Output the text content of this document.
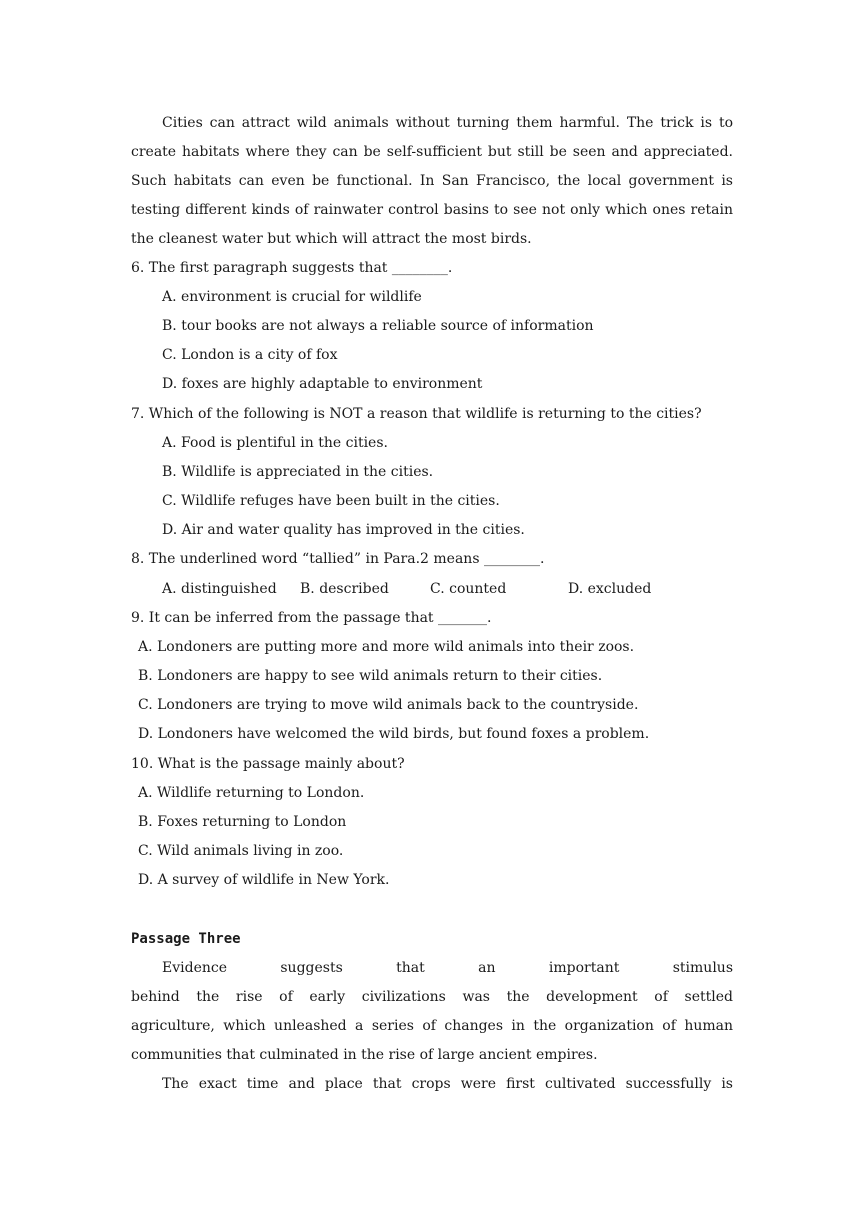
Cities can attract wild animals without turning them harmful. The trick is to
create habitats where they can be self-sufficient but still be seen and appreciated.
Such habitats can even be functional. In San Francisco, the local government is
testing different kinds of rainwater control basins to see not only which ones retain
the cleanest water but which will attract the most birds.
6. The first paragraph suggests that ________.
A. environment is crucial for wildlife
B. tour books are not always a reliable source of information
C. London is a city of fox
D. foxes are highly adaptable to environment
7. Which of the following is NOT a reason that wildlife is returning to the cities?
A. Food is plentiful in the cities.
B. Wildlife is appreciated in the cities.
C. Wildlife refuges have been built in the cities.
D. Air and water quality has improved in the cities.
8. The underlined word “tallied” in Para.2 means ________.
A. distinguished B. described	C. counted	D. excluded
9. It can be inferred from the passage that _______.
A. Londoners are putting more and more wild animals into their zoos.
B. Londoners are happy to see wild animals return to their cities.
C. Londoners are trying to move wild animals back to the countryside.
D. Londoners have welcomed the wild birds, but found foxes a problem.
10. What is the passage mainly about?
A. Wildlife returning to London.
B. Foxes returning to London
C. Wild animals living in zoo.
D. A survey of wildlife in New York.
Passage Three
Evidence suggests that an important stimulus
behind the rise of early civilizations was the development of settled
agriculture, which unleashed a series of changes in the organization of human
communities that culminated in the rise of large ancient empires.
The exact time and place that crops were first cultivated successfully is
